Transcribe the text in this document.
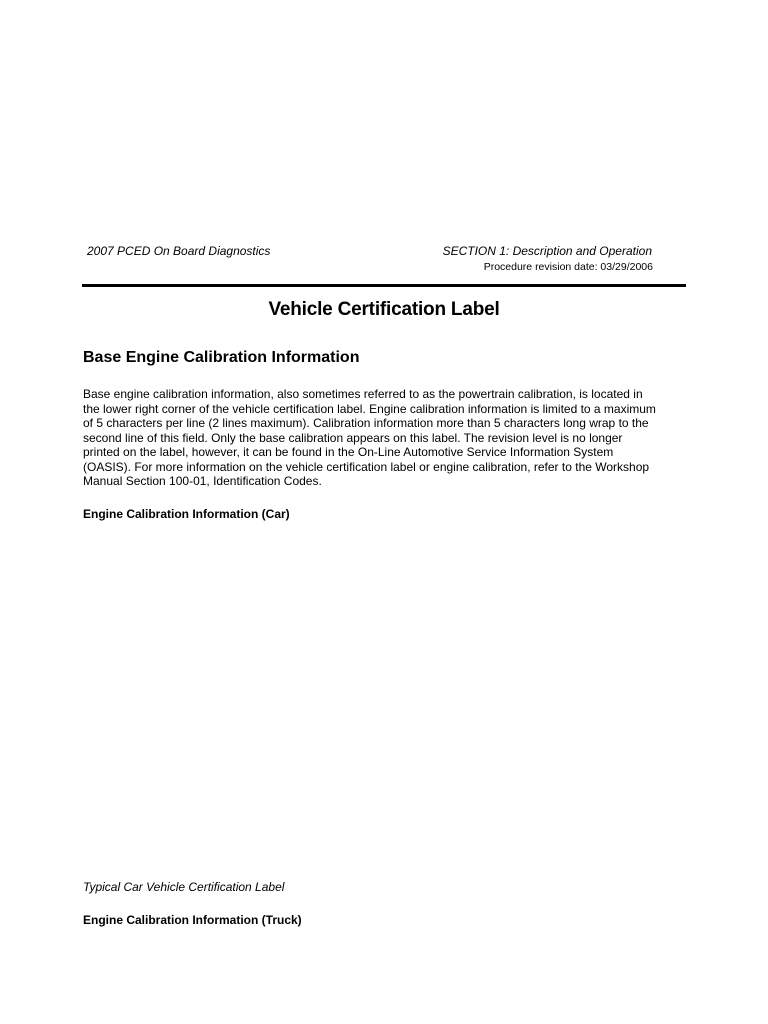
2007 PCED On Board Diagnostics	SECTION 1: Description and Operation
Procedure revision date: 03/29/2006
Vehicle Certification Label
Base Engine Calibration Information
Base engine calibration information, also sometimes referred to as the powertrain calibration, is located in
the lower right corner of the vehicle certification label. Engine calibration information is limited to a maximum
of 5 characters per line (2 lines maximum). Calibration information more than 5 characters long wrap to the
second line of this field. Only the base calibration appears on this label. The revision level is no longer
printed on the label, however, it can be found in the On-Line Automotive Service Information System
(OASIS). For more information on the vehicle certification label or engine calibration, refer to the Workshop
Manual Section 100-01, Identification Codes.
Engine Calibration Information (Car)
Typical Car Vehicle Certification Label
Engine Calibration Information (Truck)
